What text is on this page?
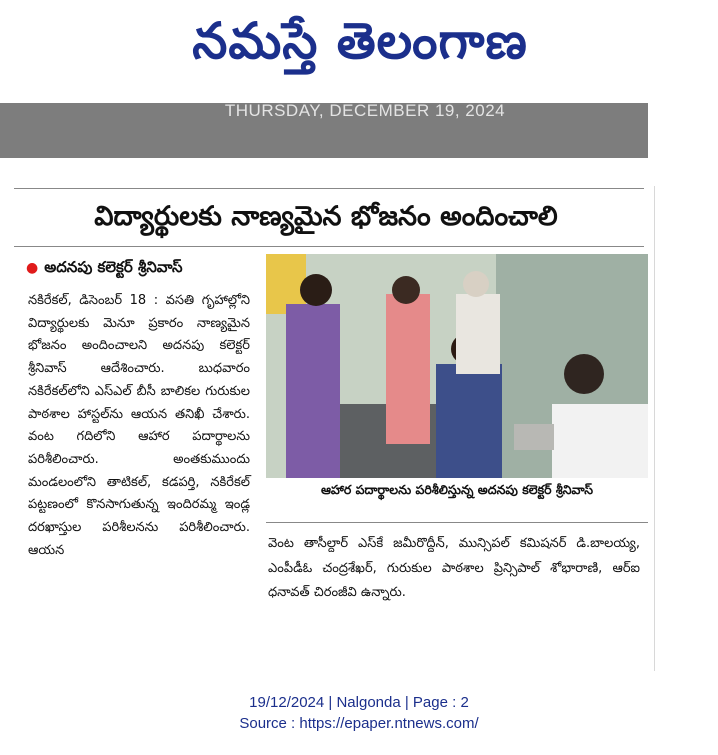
నమస్తే తెలంగాణ
THURSDAY, DECEMBER 19, 2024
విద్యార్థులకు నాణ్యమైన భోజనం అందించాలి
● అదనపు కలెక్టర్ శ్రీనివాస్

నకిరేకల్, డిసెంబర్ 18 : వసతి గృహాల్లోని విద్యార్థులకు మెనూ ప్రకారం నాణ్యమైన భోజనం అందించాలని అదనపు కలెక్టర్ శ్రీనివాస్ ఆదేశించారు. బుధవారం నకిరేకల్‌లోని ఎస్‌ఎల్ బీసీ బాలికల గురుకుల పాఠశాల హాస్టల్‌ను ఆయన తనిఖీ చేశారు. వంట గదిలోని ఆహార పదార్థాలను పరిశీలించారు. అంతకుముందు మండలంలోని తాటికల్, కడపర్తి, నకిరేకల్ పట్టణంలో కొనసాగుతున్న ఇందిరమ్మ ఇండ్ల దరఖాస్తుల పరిశీలనను పరిశీలించారు. ఆయన

ఆహార పదార్థాలను పరిశీలిస్తున్న అదనపు కలెక్టర్ శ్రీనివాస్

వెంట తాసీల్దార్ ఎస్‌కే జమీరొద్దీన్, మున్సిపల్ కమిషనర్ డి.బాలయ్య, ఎంపీడీఓ చంద్రశేఖర్, గురుకుల పాఠశాల ప్రిన్సిపాల్ శోభారాణి, ఆర్‌ఐ ధనావత్ చిరంజీవి ఉన్నారు.

19/12/2024 | Nalgonda | Page : 2
Source : https://epaper.ntnews.com/
